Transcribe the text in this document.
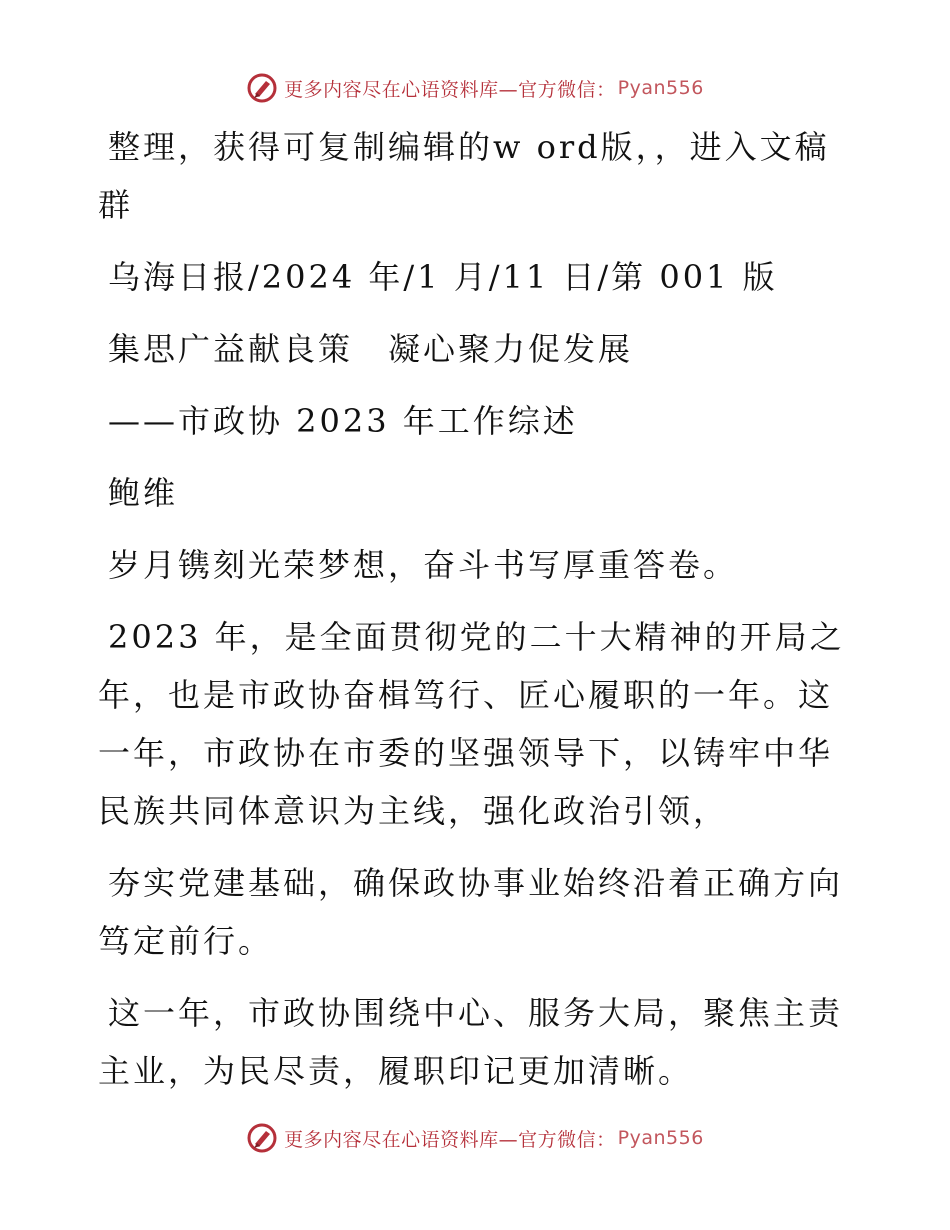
更多内容尽在心语资料库—官方微信： Pyan556

整理，获得可复制编辑的w ord版，，进入文稿群

乌海日报/2024 年/1 月/11 日/第 001 版

集思广益献良策　凝心聚力促发展

——市政协 2023 年工作综述

鲍维

岁月镌刻光荣梦想，奋斗书写厚重答卷。

2023 年，是全面贯彻党的二十大精神的开局之年，也是市政协奋楫笃行、匠心履职的一年。这一年，市政协在市委的坚强领导下，以铸牢中华民族共同体意识为主线，强化政治引领，

夯实党建基础，确保政协事业始终沿着正确方向笃定前行。

这一年，市政协围绕中心、服务大局，聚焦主责主业，为民尽责，履职印记更加清晰。

更多内容尽在心语资料库—官方微信： Pyan556
